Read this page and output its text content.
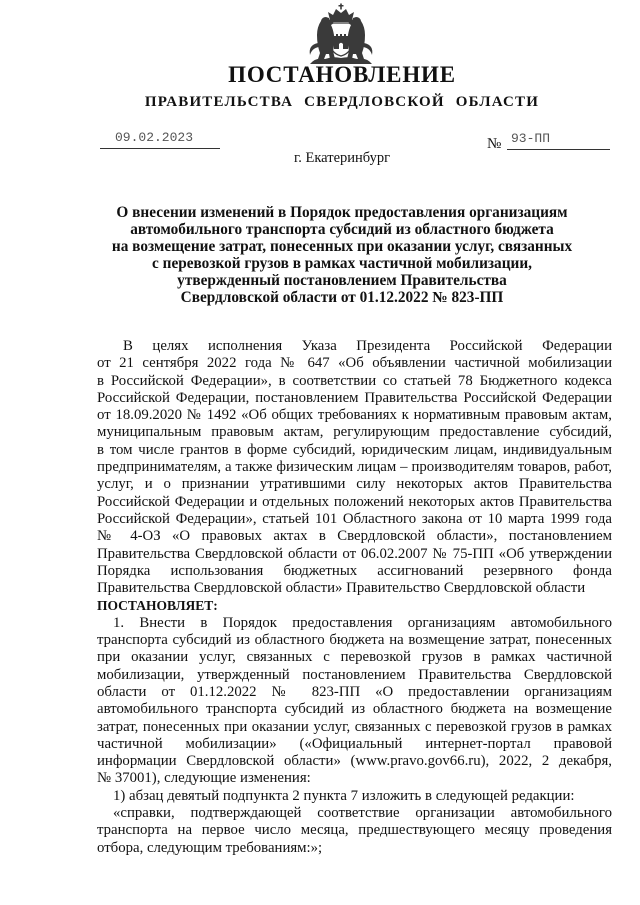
ПОСТАНОВЛЕНИЕ
ПРАВИТЕЛЬСТВА СВЕРДЛОВСКОЙ ОБЛАСТИ
09.02.2023	№ 93-ПП
г. Екатеринбург
О внесении изменений в Порядок предоставления организациям
автомобильного транспорта субсидий из областного бюджета
на возмещение затрат, понесенных при оказании услуг, связанных
с перевозкой грузов в рамках частичной мобилизации,
утвержденный постановлением Правительства
Свердловской области от 01.12.2022 № 823-ПП
В целях исполнения Указа Президента Российской Федерации
от 21 сентября 2022 года № 647 «Об объявлении частичной мобилизации
в Российской Федерации», в соответствии со статьей 78 Бюджетного кодекса
Российской Федерации, постановлением Правительства Российской Федерации
от 18.09.2020 № 1492 «Об общих требованиях к нормативным правовым актам,
муниципальным правовым актам, регулирующим предоставление субсидий,
в том числе грантов в форме субсидий, юридическим лицам, индивидуальным
предпринимателям, а также физическим лицам – производителям товаров, работ,
услуг, и о признании утратившими силу некоторых актов Правительства
Российской Федерации и отдельных положений некоторых актов Правительства
Российской Федерации», статьей 101 Областного закона от 10 марта 1999 года
№ 4-ОЗ «О правовых актах в Свердловской области», постановлением
Правительства Свердловской области от 06.02.2007 № 75-ПП «Об утверждении
Порядка использования бюджетных ассигнований резервного фонда
Правительства Свердловской области» Правительство Свердловской области
ПОСТАНОВЛЯЕТ:
1. Внести в Порядок предоставления организациям автомобильного
транспорта субсидий из областного бюджета на возмещение затрат, понесенных
при оказании услуг, связанных с перевозкой грузов в рамках частичной
мобилизации, утвержденный постановлением Правительства Свердловской
области от 01.12.2022 № 823-ПП «О предоставлении организациям
автомобильного транспорта субсидий из областного бюджета на возмещение
затрат, понесенных при оказании услуг, связанных с перевозкой грузов в рамках
частичной мобилизации» («Официальный интернет-портал правовой
информации Свердловской области» (www.pravo.gov66.ru), 2022, 2 декабря,
№ 37001), следующие изменения:
1) абзац девятый подпункта 2 пункта 7 изложить в следующей редакции:
«справки, подтверждающей соответствие организации автомобильного
транспорта на первое число месяца, предшествующего месяцу проведения
отбора, следующим требованиям:»;
